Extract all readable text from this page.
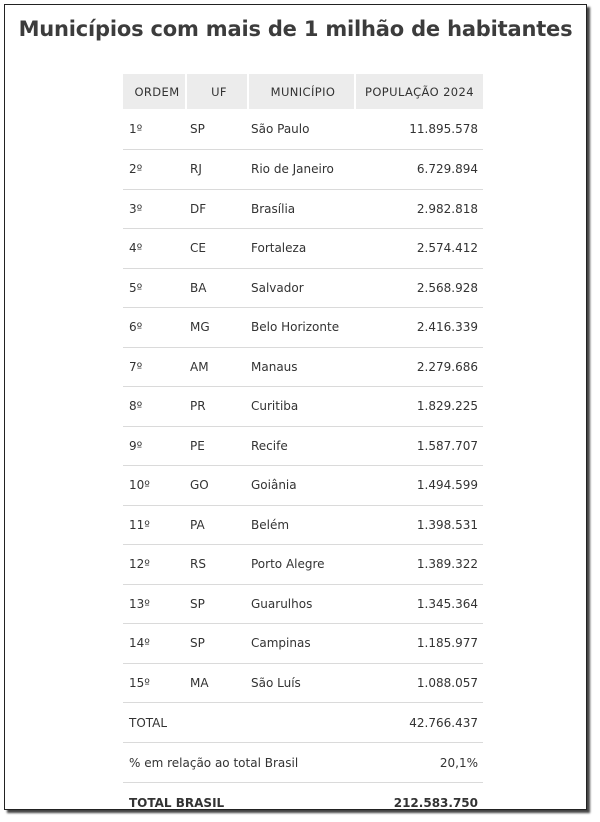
Municípios com mais de 1 milhão de habitantes
ORDEM	UF	MUNICÍPIO	POPULAÇÃO 2024
1º	SP	São Paulo	11.895.578
2º	RJ	Rio de Janeiro	6.729.894
3º	DF	Brasília	2.982.818
4º	CE	Fortaleza	2.574.412
5º	BA	Salvador	2.568.928
6º	MG	Belo Horizonte	2.416.339
7º	AM	Manaus	2.279.686
8º	PR	Curitiba	1.829.225
9º	PE	Recife	1.587.707
10º	GO	Goiânia	1.494.599
11º	PA	Belém	1.398.531
12º	RS	Porto Alegre	1.389.322
13º	SP	Guarulhos	1.345.364
14º	SP	Campinas	1.185.977
15º	MA	São Luís	1.088.057
TOTAL			42.766.437
% em relação ao total Brasil			20,1%
TOTAL BRASIL			212.583.750
